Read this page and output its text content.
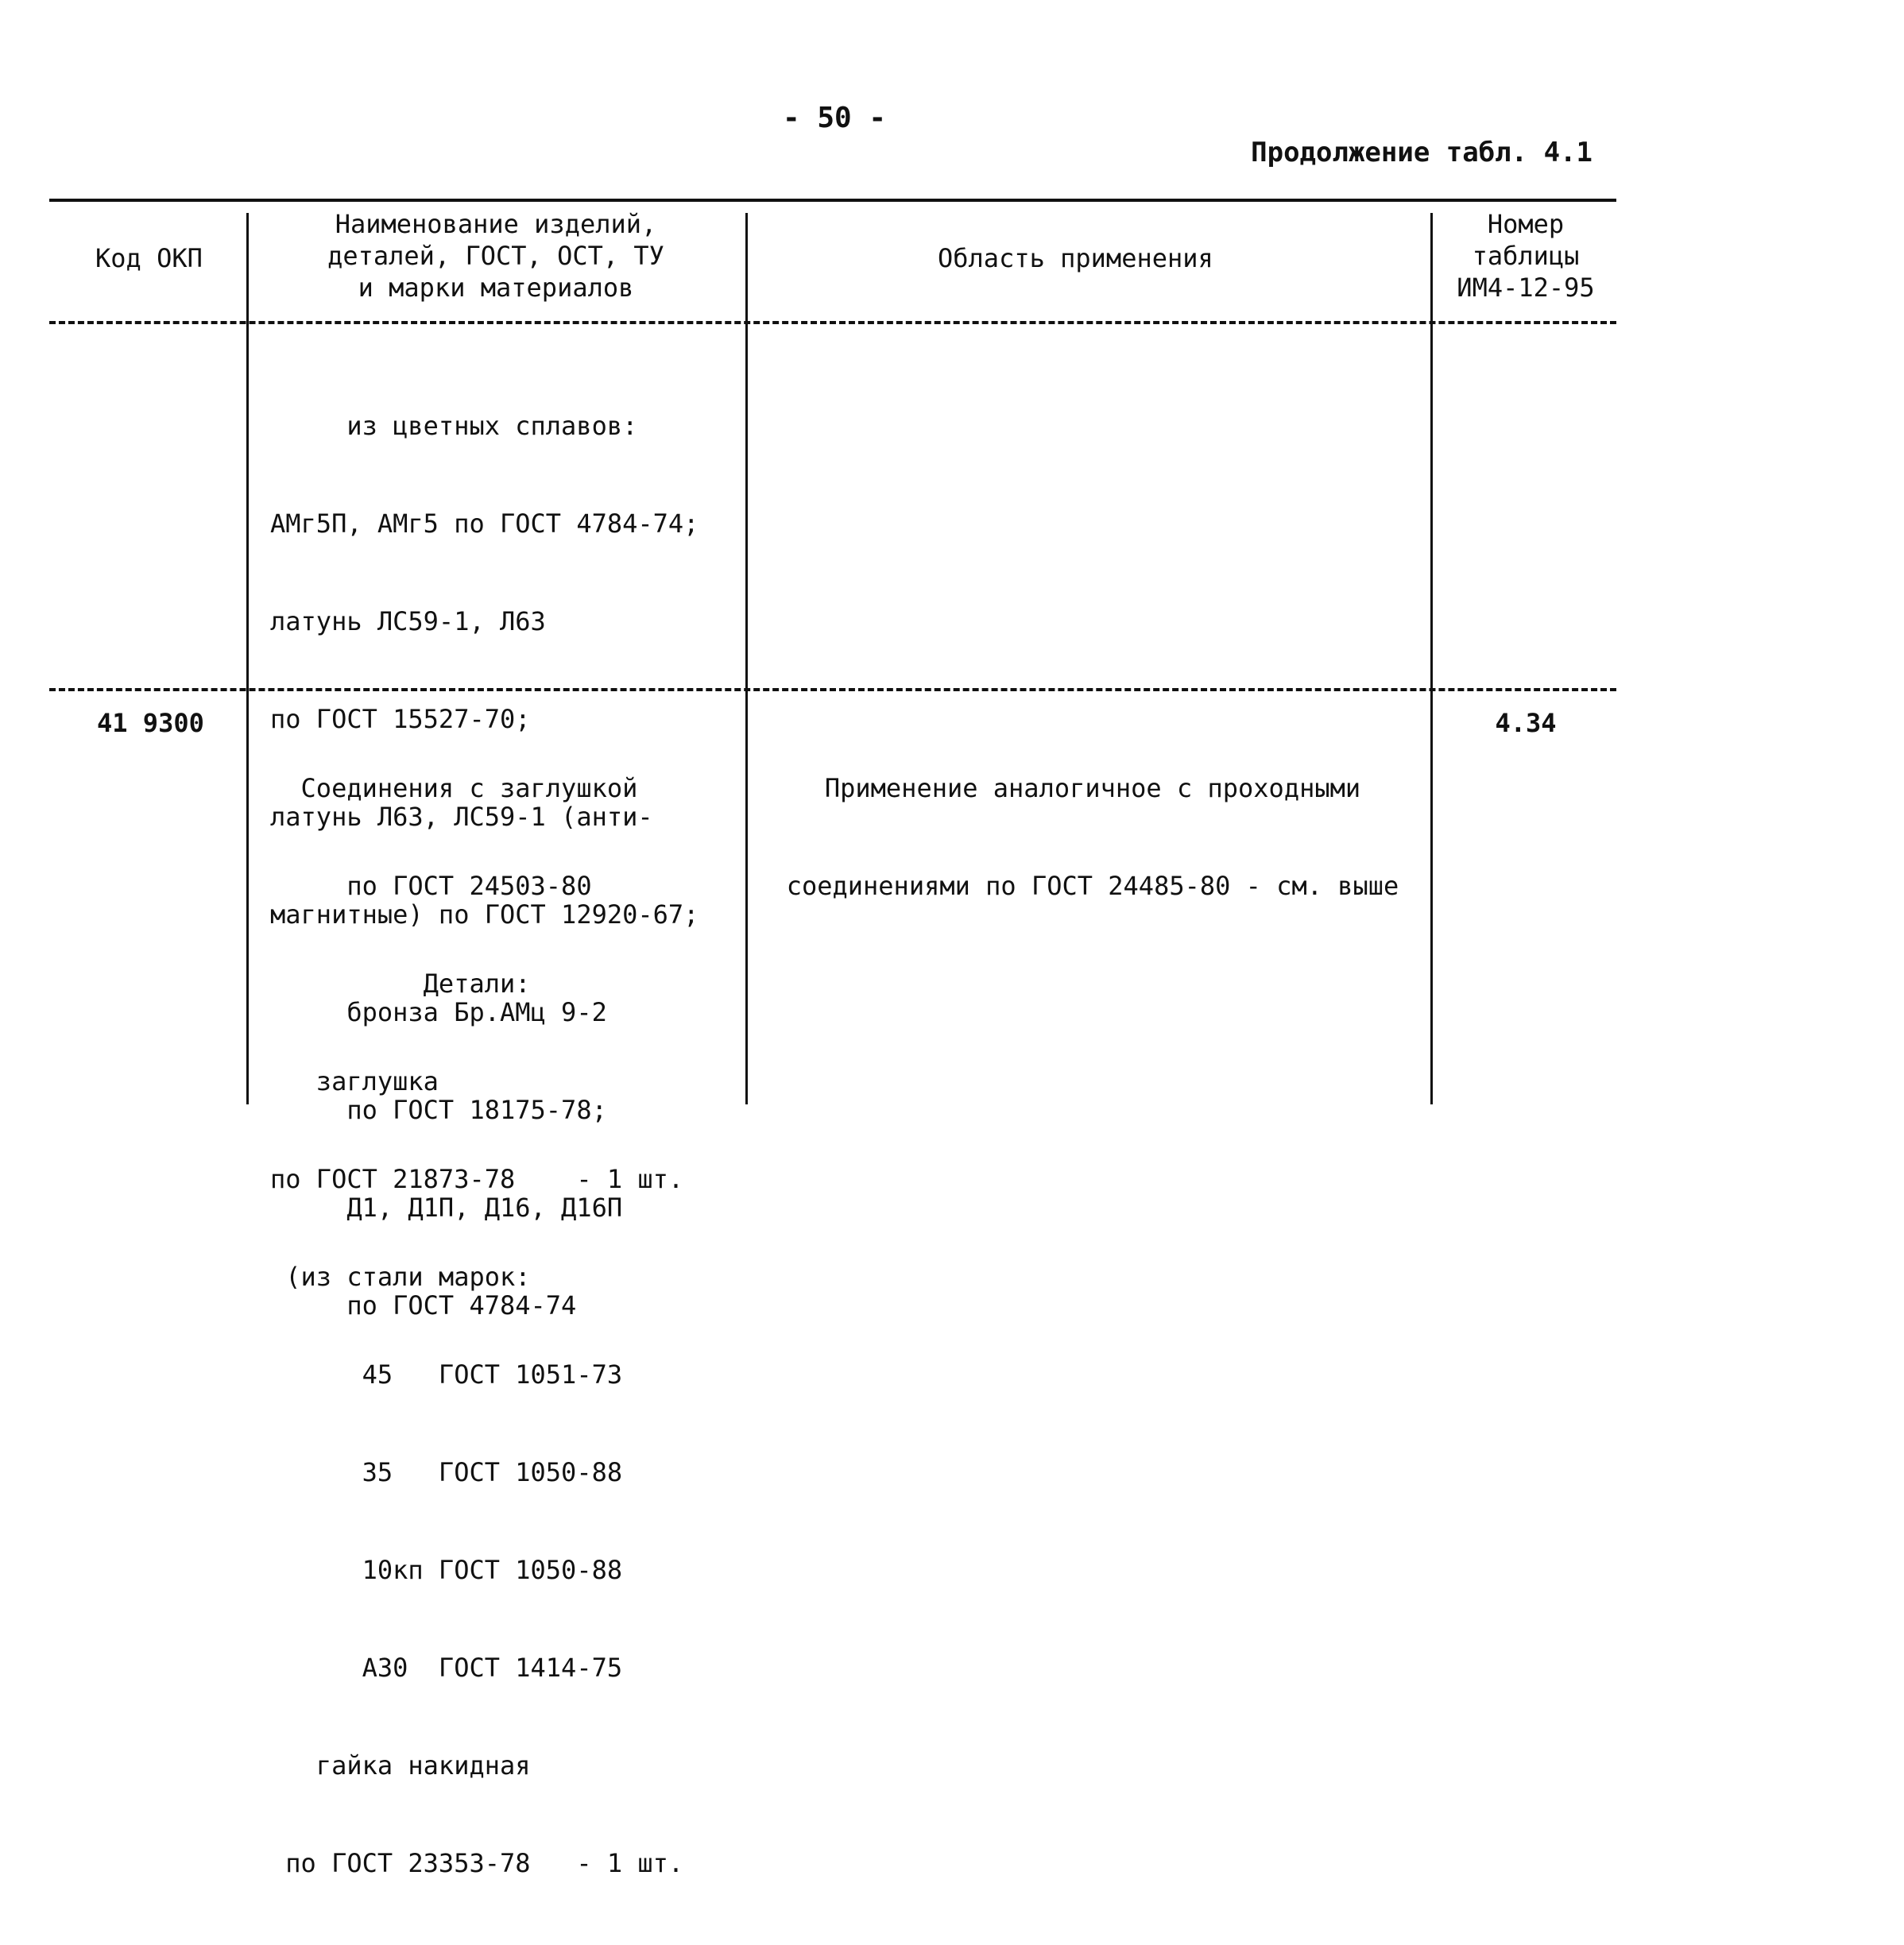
- 50 -
Продолжение табл. 4.1
Код ОКП
Наименование изделий,
деталей, ГОСТ, ОСТ, ТУ
и марки материалов
Область применения
Номер
таблицы
ИМ4-12-95

из цветных сплавов:

АМг5П, АМг5 по ГОСТ 4784-74;

латунь ЛС59-1, Л63

по ГОСТ 15527-70;

латунь Л63, ЛС59-1 (анти-

магнитные) по ГОСТ 12920-67;

бронза Бр.АМц 9-2

по ГОСТ 18175-78;

Д1, Д1П, Д16, Д16П

по ГОСТ 4784-74

41 9300

Соединения с заглушкой

по ГОСТ 24503-80

Детали:

заглушка

по ГОСТ 21873-78    - 1 шт.

(из стали марок:

45   ГОСТ 1051-73

35   ГОСТ 1050-88

10кп ГОСТ 1050-88

А30  ГОСТ 1414-75

гайка накидная

по ГОСТ 23353-78   - 1 шт.

Применение аналогичное с проходными

соединениями по ГОСТ 24485-80 - см. выше

4.34
